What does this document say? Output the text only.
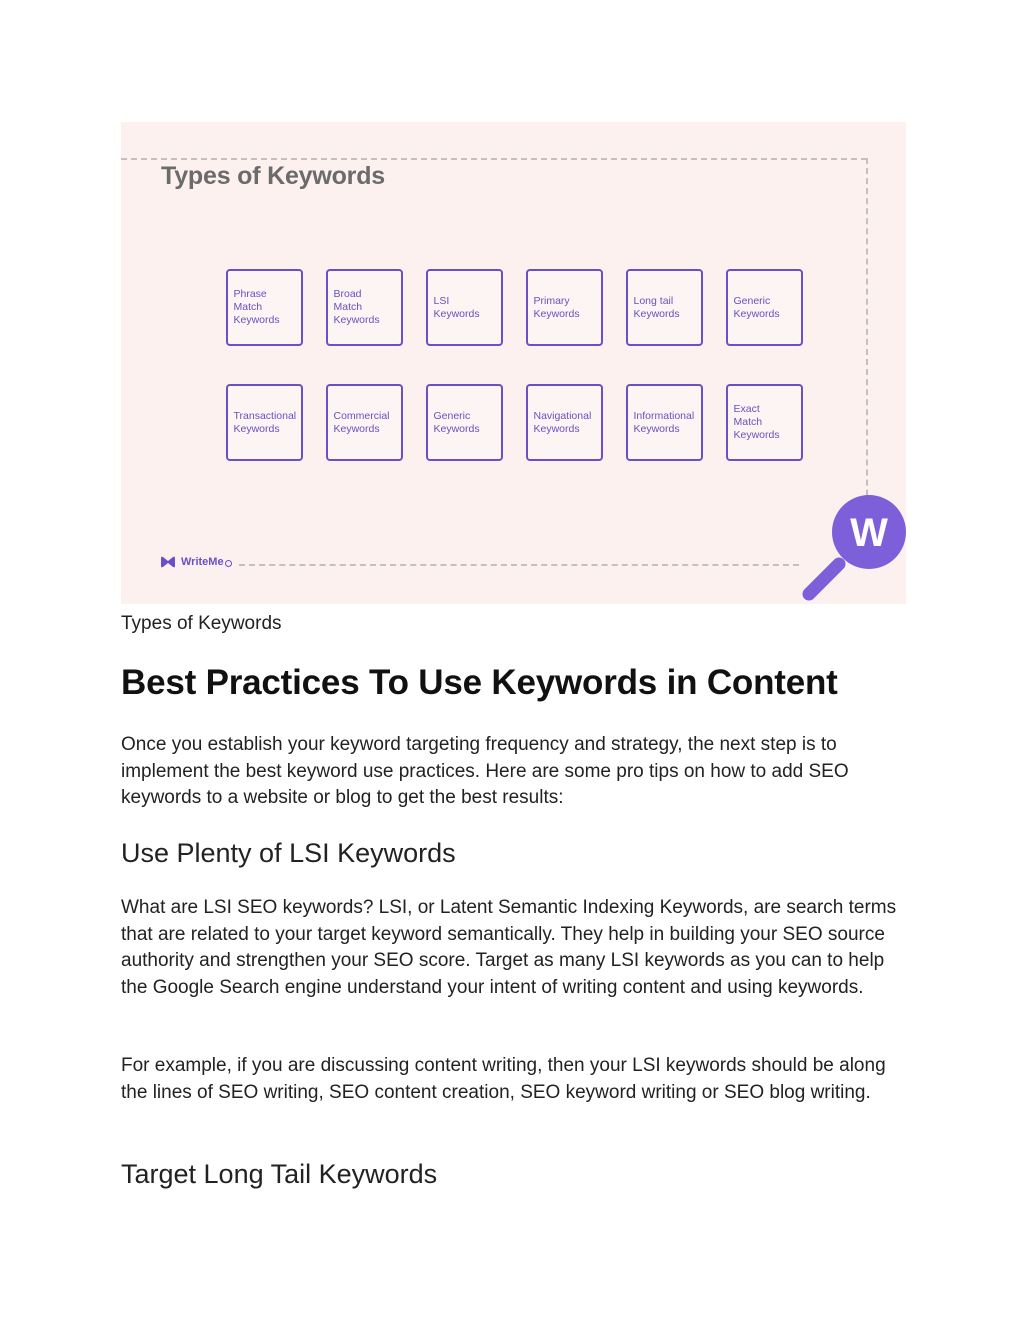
Types of Keywords
Phrase
Match
Keywords
Broad
Match
Keywords
LSI
Keywords
Primary
Keywords
Long tail
Keywords
Generic
Keywords
Transactional
Keywords
Commercial
Keywords
Generic
Keywords
Navigational
Keywords
Informational
Keywords
Exact
Match
Keywords
WriteMe
W

Types of Keywords

Best Practices To Use Keywords in Content

Once you establish your keyword targeting frequency and strategy, the next step is to implement the best keyword use practices. Here are some pro tips on how to add SEO keywords to a website or blog to get the best results:

Use Plenty of LSI Keywords

What are LSI SEO keywords? LSI, or Latent Semantic Indexing Keywords, are search terms that are related to your target keyword semantically. They help in building your SEO source authority and strengthen your SEO score. Target as many LSI keywords as you can to help the Google Search engine understand your intent of writing content and using keywords.

For example, if you are discussing content writing, then your LSI keywords should be along the lines of SEO writing, SEO content creation, SEO keyword writing or SEO blog writing.

Target Long Tail Keywords
